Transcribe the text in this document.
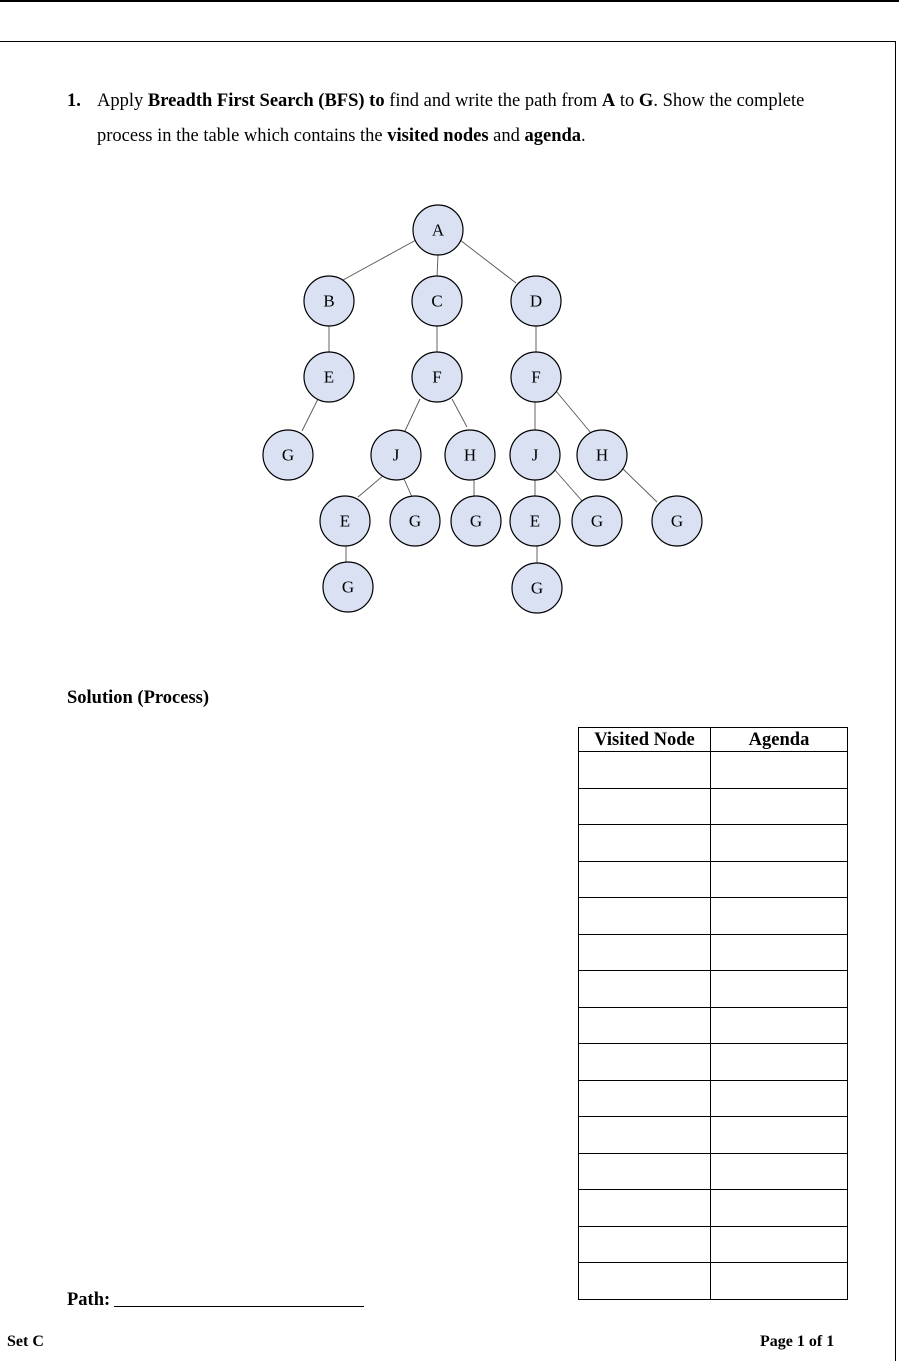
1. Apply Breadth First Search (BFS) to find and write the path from A to G. Show the complete
process in the table which contains the visited nodes and agenda.
A
B	C	D
E	F	F
G	J	H	J	H
E	G	G	E	G	G
G	G
Solution (Process)
Visited Node	Agenda

Path:
Set C	Page 1 of 1
